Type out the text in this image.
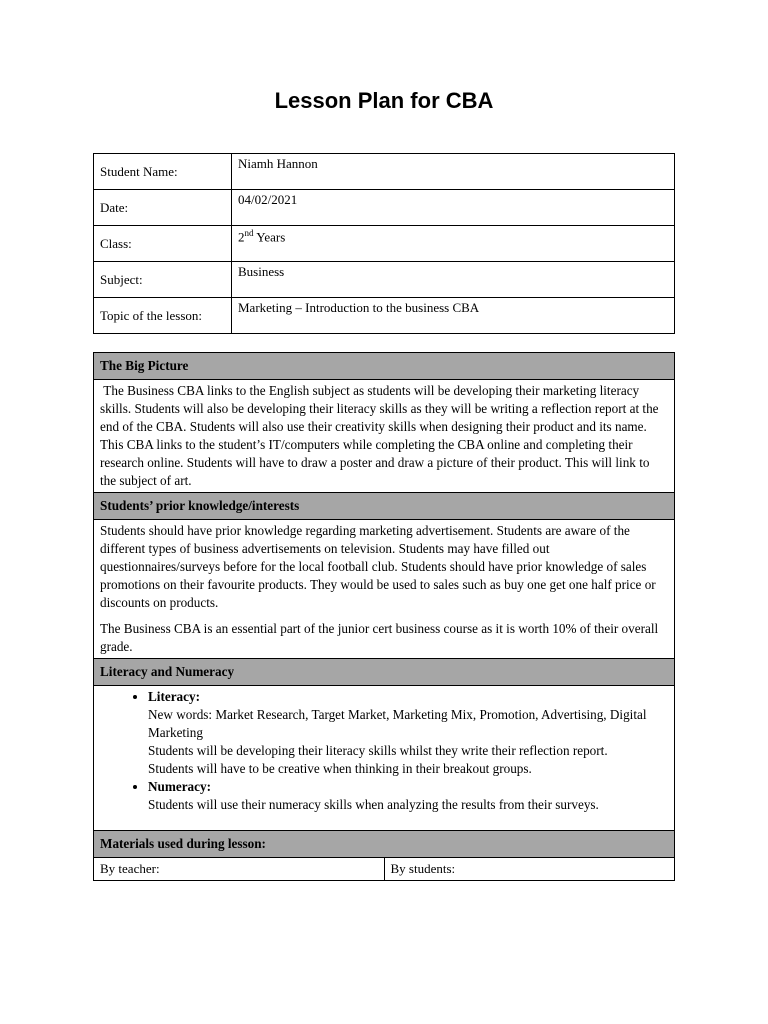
Lesson Plan for CBA
Student Name:	Niamh Hannon
Date:	04/02/2021
Class:	2nd Years
Subject:	Business
Topic of the lesson:	Marketing – Introduction to the business CBA
The Big Picture

The Business CBA links to the English subject as students will be developing their marketing literacy skills. Students will also be developing their literacy skills as they will be writing a reflection report at the end of the CBA. Students will also use their creativity skills when designing their product and its name. This CBA links to the student’s IT/computers while completing the CBA online and completing their research online. Students will have to draw a poster and draw a picture of their product. This will link to the subject of art.

Students’ prior knowledge/interests

Students should have prior knowledge regarding marketing advertisement. Students are aware of the different types of business advertisements on television. Students may have filled out questionnaires/surveys before for the local football club. Students should have prior knowledge of sales promotions on their favourite products. They would be used to sales such as buy one get one half price or discounts on products.

The Business CBA is an essential part of the junior cert business course as it is worth 10% of their overall grade.

Literacy and Numeracy

• Literacy:
New words: Market Research, Target Market, Marketing Mix, Promotion, Advertising, Digital Marketing
Students will be developing their literacy skills whilst they write their reflection report.
Students will have to be creative when thinking in their breakout groups.
• Numeracy:
Students will use their numeracy skills when analyzing the results from their surveys.

Materials used during lesson:
By teacher:	By students:
